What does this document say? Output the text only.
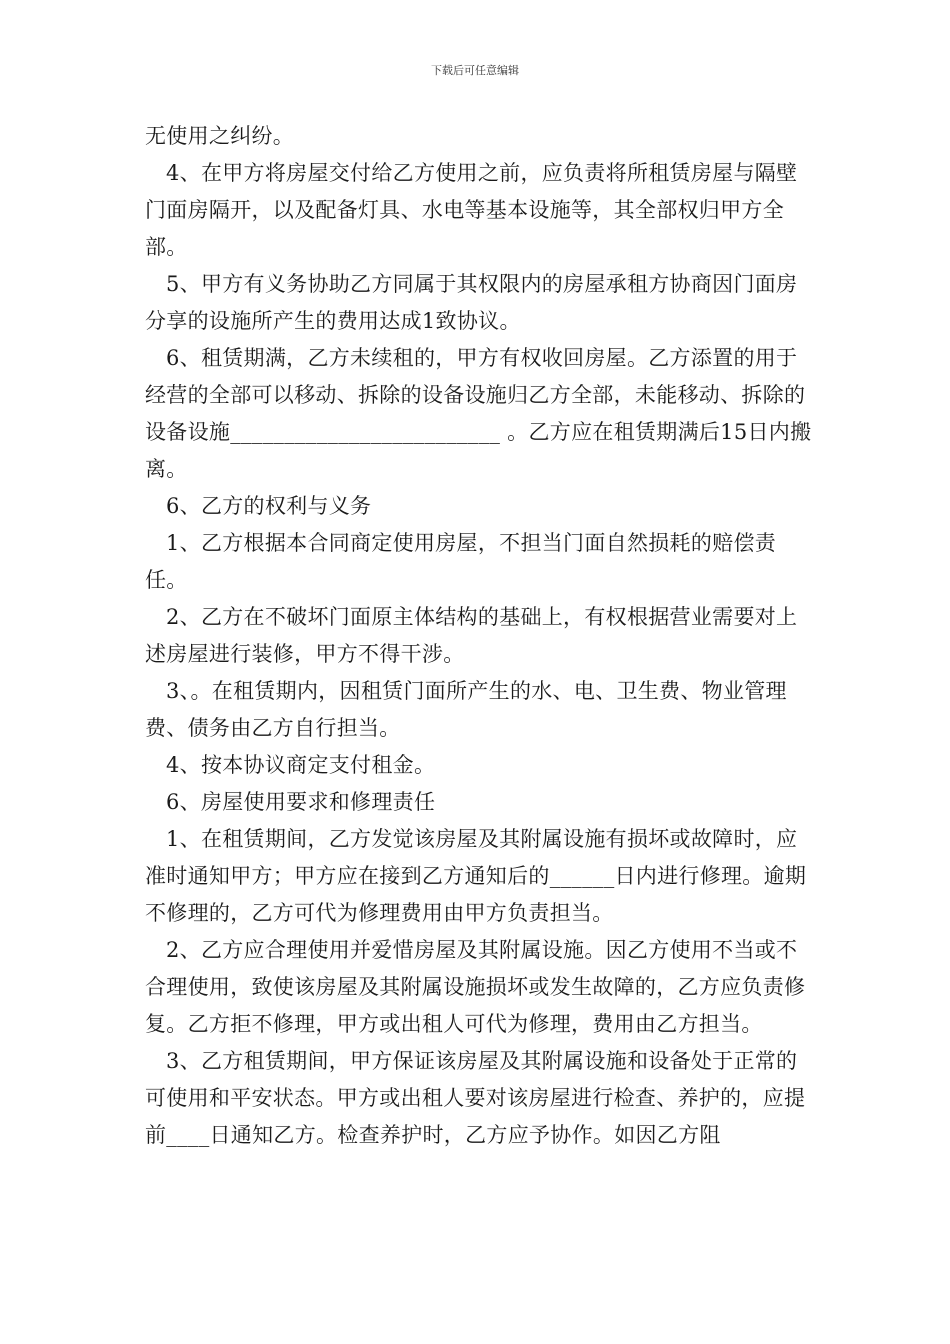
下载后可任意编辑

无使用之纠纷。

4、在甲方将房屋交付给乙方使用之前，应负责将所租赁房屋与隔壁门面房隔开，以及配备灯具、水电等基本设施等，其全部权归甲方全部。

5、甲方有义务协助乙方同属于其权限内的房屋承租方协商因门面房分享的设施所产生的费用达成1致协议。

6、租赁期满，乙方未续租的，甲方有权收回房屋。乙方添置的用于经营的全部可以移动、拆除的设备设施归乙方全部，未能移动、拆除的设备设施_________________________ 。乙方应在租赁期满后15日内搬离。

6、乙方的权利与义务

1、乙方根据本合同商定使用房屋，不担当门面自然损耗的赔偿责任。

2、乙方在不破坏门面原主体结构的基础上，有权根据营业需要对上述房屋进行装修，甲方不得干涉。

3、。在租赁期内，因租赁门面所产生的水、电、卫生费、物业管理费、债务由乙方自行担当。

4、按本协议商定支付租金。

6、房屋使用要求和修理责任

1、在租赁期间，乙方发觉该房屋及其附属设施有损坏或故障时，应准时通知甲方；甲方应在接到乙方通知后的______日内进行修理。逾期不修理的，乙方可代为修理费用由甲方负责担当。

2、乙方应合理使用并爱惜房屋及其附属设施。因乙方使用不当或不合理使用，致使该房屋及其附属设施损坏或发生故障的，乙方应负责修复。乙方拒不修理，甲方或出租人可代为修理，费用由乙方担当。

3、乙方租赁期间，甲方保证该房屋及其附属设施和设备处于正常的可使用和平安状态。甲方或出租人要对该房屋进行检查、养护的，应提前____日通知乙方。检查养护时，乙方应予协作。如因乙方阻
